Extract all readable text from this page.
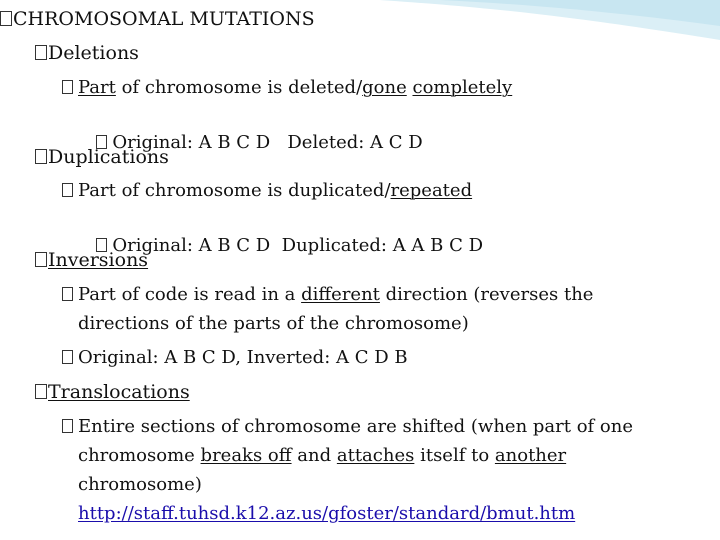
CHROMOSOMAL MUTATIONS
Deletions
Part of chromosome is deleted/gone completely

Original: A B C D   Deleted: A C D

Duplications
Part of chromosome is duplicated/repeated

Original: A B C D  Duplicated: A A B C D

Inversions
Part of code is read in a different direction (reverses the
directions of the parts of the chromosome)
Original: A B C D, Inverted: A C D B
Translocations
Entire sections of chromosome are shifted (when part of one
chromosome breaks off and attaches itself to another
chromosome)
http://staff.tuhsd.k12.az.us/gfoster/standard/bmut.htm
